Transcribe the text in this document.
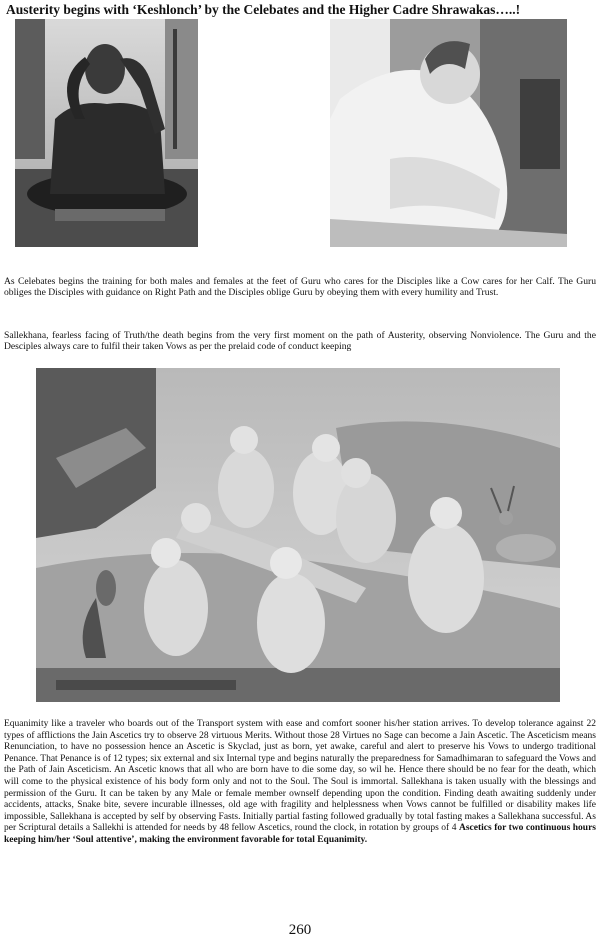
Austerity begins with ‘Keshlonch’ by the Celebates and the Higher Cadre Shrawakas…..!

As Celebates begins the training for both males and females at the feet of Guru who cares for the Disciples like a Cow cares for her Calf. The Guru obliges the Disciples with guidance on Right Path and the Disciples oblige Guru by obeying them with every humility and Trust.

Sallekhana, fearless facing of Truth/the death begins from the very first moment on the path of Austerity, observing Nonviolence. The Guru and the Desciples always care to fulfil their taken Vows as per the prelaid code of conduct keeping

Equanimity like a traveler who boards out of the Transport system with ease and comfort sooner his/her station arrives. To develop tolerance against 22 types of afflictions the Jain Ascetics try to observe 28 virtuous Merits. Without those 28 Virtues no Sage can become a Jain Ascetic. The Asceticism means Renunciation, to have no possession hence an Ascetic is Skyclad, just as born, yet awake, careful and alert to preserve his Vows to undergo traditional Penance. That Penance is of 12 types; six external and six Internal type and begins naturally the preparedness for Samadhimaran to safeguard the Vows and the Path of Jain Asceticism. An Ascetic knows that all who are born have to die some day, so wil he. Hence there should be no fear for the death, which will come to the physical existence of his body form only and not to the Soul. The Soul is immortal. Sallekhana is taken usually with the blessings and permission of the Guru. It can be taken by any Male or female member ownself depending upon the condition. Finding death awaiting suddenly under accidents, attacks, Snake bite, severe incurable illnesses, old age with fragility and helplessness when Vows cannot be fulfilled or disability makes life impossible, Sallekhana is accepted by self by observing Fasts. Initially partial fasting followed gradually by total fasting makes a Sallekhana successful. As per Scriptural details a Sallekhi is attended for needs by 48 fellow Ascetics, round the clock, in rotation by groups of 4 Ascetics for two continuous hours keeping him/her ‘Soul attentive’, making the environment favorable for total Equanimity.

260
